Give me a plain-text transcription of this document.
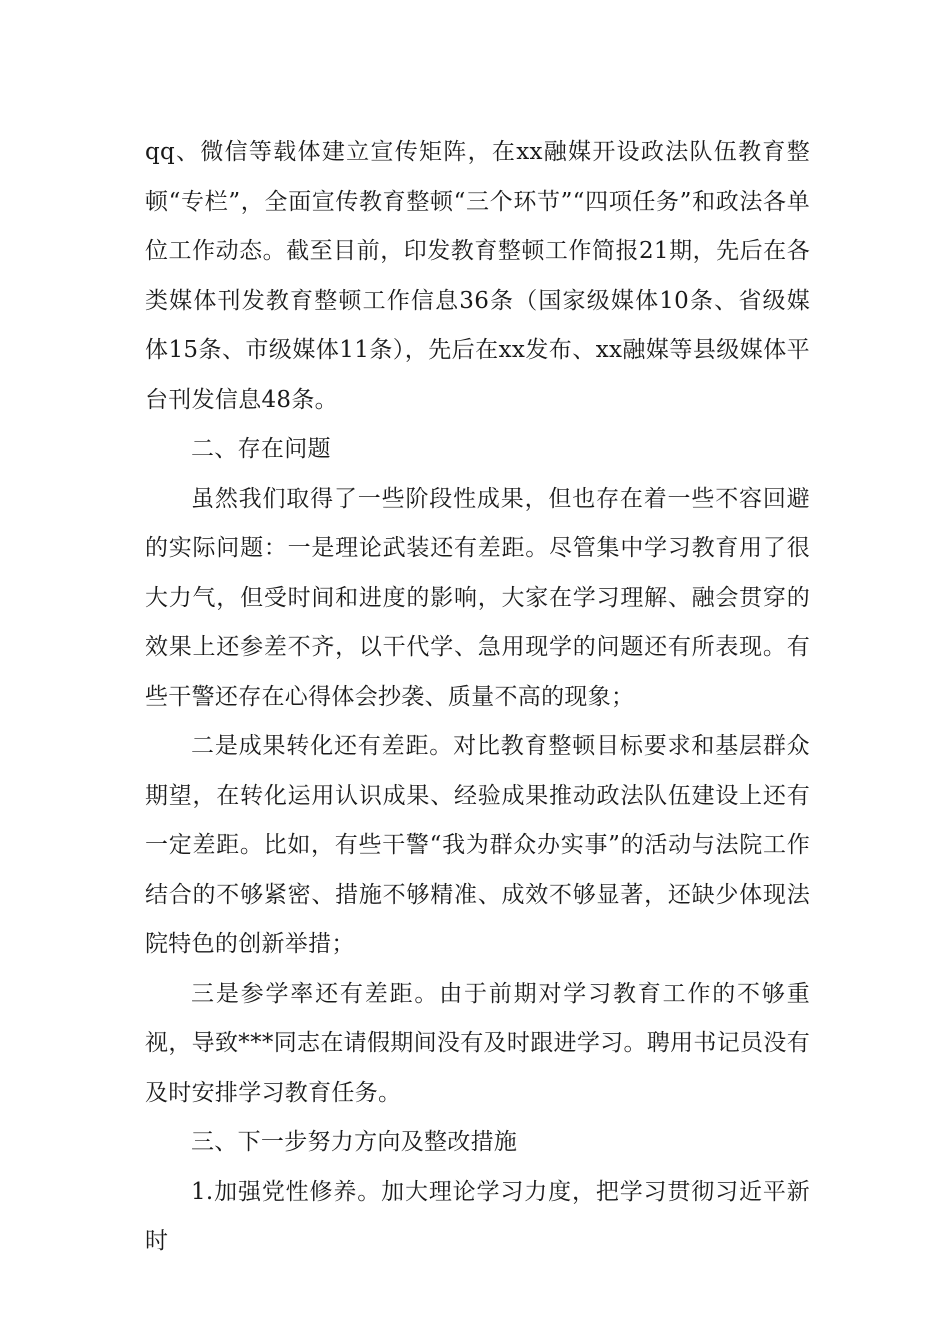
qq、微信等载体建立宣传矩阵，在xx融媒开设政法队伍教育整顿“专栏”，全面宣传教育整顿“三个环节”“四项任务”和政法各单位工作动态。截至目前，印发教育整顿工作简报21期，先后在各类媒体刊发教育整顿工作信息36条（国家级媒体10条、省级媒体15条、市级媒体11条），先后在xx发布、xx融媒等县级媒体平台刊发信息48条。

二、存在问题

虽然我们取得了一些阶段性成果，但也存在着一些不容回避的实际问题：一是理论武装还有差距。尽管集中学习教育用了很大力气，但受时间和进度的影响，大家在学习理解、融会贯穿的效果上还参差不齐，以干代学、急用现学的问题还有所表现。有些干警还存在心得体会抄袭、质量不高的现象；

二是成果转化还有差距。对比教育整顿目标要求和基层群众期望，在转化运用认识成果、经验成果推动政法队伍建设上还有一定差距。比如，有些干警“我为群众办实事”的活动与法院工作结合的不够紧密、措施不够精准、成效不够显著，还缺少体现法院特色的创新举措；

三是参学率还有差距。由于前期对学习教育工作的不够重视，导致***同志在请假期间没有及时跟进学习。聘用书记员没有及时安排学习教育任务。

三、下一步努力方向及整改措施

1.加强党性修养。加大理论学习力度，把学习贯彻习近平新时
